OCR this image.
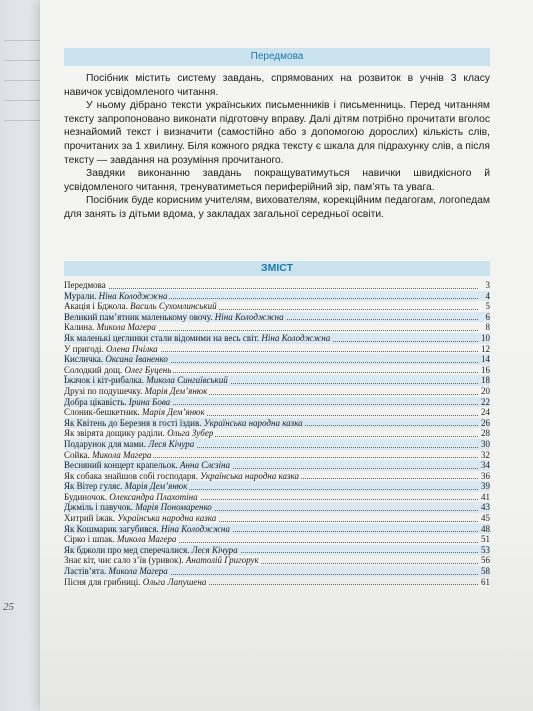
25
Передмова

Посібник містить систему завдань, спрямованих на розвиток в учнів 3 класу навичок усвідомленого читання.

У ньому дібрано тексти українських письменників і письменниць. Перед читанням тексту запропоновано виконати підготовчу вправу. Далі дітям потрібно прочитати вголос незнайомий текст і визначити (самостійно або з допомогою дорослих) кількість слів, прочитаних за 1 хвилину. Біля кожного рядка тексту є шкала для підрахунку слів, а після тексту — завдання на розуміння прочитаного.

Завдяки виконанню завдань покращуватимуться навички швидкісного й усвідомленого читання, тренуватиметься периферійний зір, пам’ять та увага.

Посібник буде корисним учителям, вихователям, корекційним педагогам, логопедам для занять із дітьми вдома, у закладах загальної середньої освіти.

ЗМІСТ
Передмова	3
Мурали. Ніна Колоджжна	4
Акація і Бджола. Василь Сухомлинський	5
Великий пам’ятник маленькому овочу. Ніна Колоджжна	6
Калина. Микола Магера	8
Як маленькі цеглинки стали відомими на весь світ. Ніна Колоджжна	10
У пригоді. Олена Пчілка	12
Кисличка. Оксана Іваненко	14
Солодкий дощ. Олег Буцень	16
Їжачок і кіт-рибалка. Микола Сингаївський	18
Друзі по подушечку. Марія Дем’янюк	20
Добра цікавість. Ірина Бова	22
Слоник-бешкетник. Марія Дем’янюк	24
Як Квітень до Березня в гості їздив. Українська народна казка	26
Як звірята дощику раділи. Ольга Зубер	28
Подарунок для мами. Леся Кічура	30
Сойка. Микола Магера	32
Весняний концерт крапельок. Анна Слєзіна	34
Як собака знайшов собі господаря. Українська народна казка	36
Як Вітер гуляє. Марія Дем’янюк	39
Будиночок. Олександра Плахотіна	41
Джміль і павучок. Марія Пономаренко	43
Хитрий їжак. Українська народна казка	45
Як Кошмарик загубився. Ніна Колоджжна	48
Сірко і шпак. Микола Магера	51
Як бджоли про мед сперечалися. Леся Кічура	53
Знає кіт, чиє сало з’їв (уривок). Анатолій Григорук	56
Ластів’ята. Микола Магера	58
Пісня для грибниці. Ольга Лапушена	61
